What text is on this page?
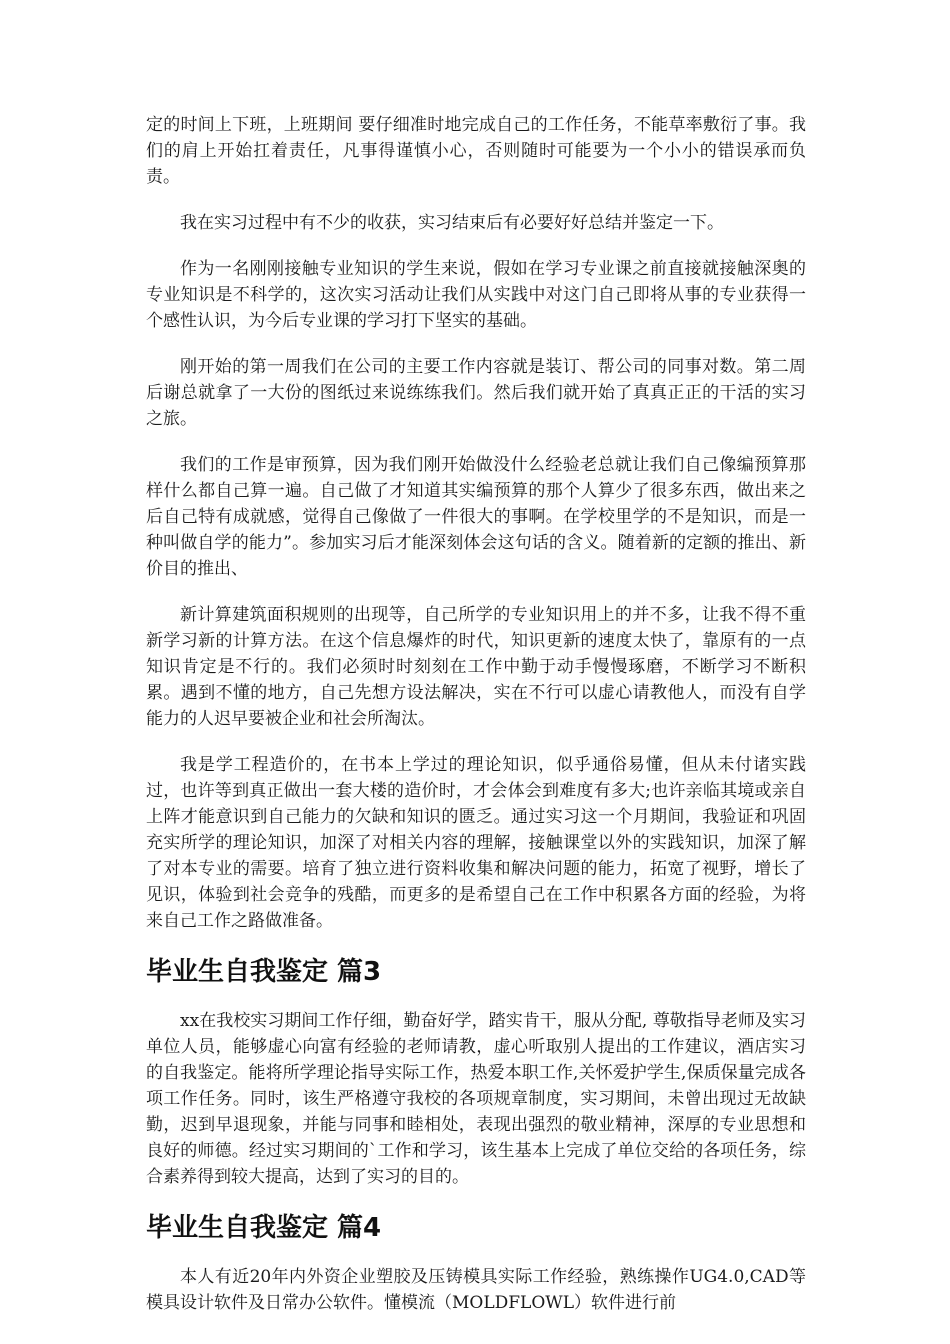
定的时间上下班，上班期间 要仔细准时地完成自己的工作任务，不能草率敷衍了事。我们的肩上开始扛着责任，凡事得谨慎小心，否则随时可能要为一个小小的错误承而负责。

我在实习过程中有不少的收获，实习结束后有必要好好总结并鉴定一下。

作为一名刚刚接触专业知识的学生来说，假如在学习专业课之前直接就接触深奥的专业知识是不科学的，这次实习活动让我们从实践中对这门自己即将从事的专业获得一个感性认识，为今后专业课的学习打下坚实的基础。

刚开始的第一周我们在公司的主要工作内容就是装订、帮公司的同事对数。第二周后谢总就拿了一大份的图纸过来说练练我们。然后我们就开始了真真正正的干活的实习之旅。

我们的工作是审预算，因为我们刚开始做没什么经验老总就让我们自己像编预算那样什么都自己算一遍。自己做了才知道其实编预算的那个人算少了很多东西，做出来之后自己特有成就感，觉得自己像做了一件很大的事啊。在学校里学的不是知识，而是一种叫做自学的能力”。参加实习后才能深刻体会这句话的含义。随着新的定额的推出、新价目的推出、

新计算建筑面积规则的出现等，自己所学的专业知识用上的并不多，让我不得不重新学习新的计算方法。在这个信息爆炸的时代，知识更新的速度太快了，靠原有的一点知识肯定是不行的。我们必须时时刻刻在工作中勤于动手慢慢琢磨，不断学习不断积累。遇到不懂的地方，自己先想方设法解决，实在不行可以虚心请教他人，而没有自学能力的人迟早要被企业和社会所淘汰。

我是学工程造价的，在书本上学过的理论知识，似乎通俗易懂，但从未付诸实践过，也许等到真正做出一套大楼的造价时，才会体会到难度有多大;也许亲临其境或亲自上阵才能意识到自己能力的欠缺和知识的匮乏。通过实习这一个月期间，我验证和巩固充实所学的理论知识，加深了对相关内容的理解，接触课堂以外的实践知识，加深了解了对本专业的需要。培育了独立进行资料收集和解决问题的能力，拓宽了视野，增长了见识，体验到社会竞争的残酷，而更多的是希望自己在工作中积累各方面的经验，为将来自己工作之路做准备。

毕业生自我鉴定 篇3

xx在我校实习期间工作仔细，勤奋好学，踏实肯干，服从分配, 尊敬指导老师及实习单位人员，能够虚心向富有经验的老师请教，虚心听取别人提出的工作建议，酒店实习的自我鉴定。能将所学理论指导实际工作，热爱本职工作,关怀爱护学生,保质保量完成各项工作任务。同时，该生严格遵守我校的各项规章制度，实习期间，未曾出现过无故缺勤，迟到早退现象，并能与同事和睦相处，表现出强烈的敬业精神，深厚的专业思想和良好的师德。经过实习期间的`工作和学习，该生基本上完成了单位交给的各项任务，综合素养得到较大提高，达到了实习的目的。

毕业生自我鉴定 篇4

本人有近20年内外资企业塑胶及压铸模具实际工作经验，熟练操作UG4.0,CAD等模具设计软件及日常办公软件。懂模流（MOLDFLOWL）软件进行前
